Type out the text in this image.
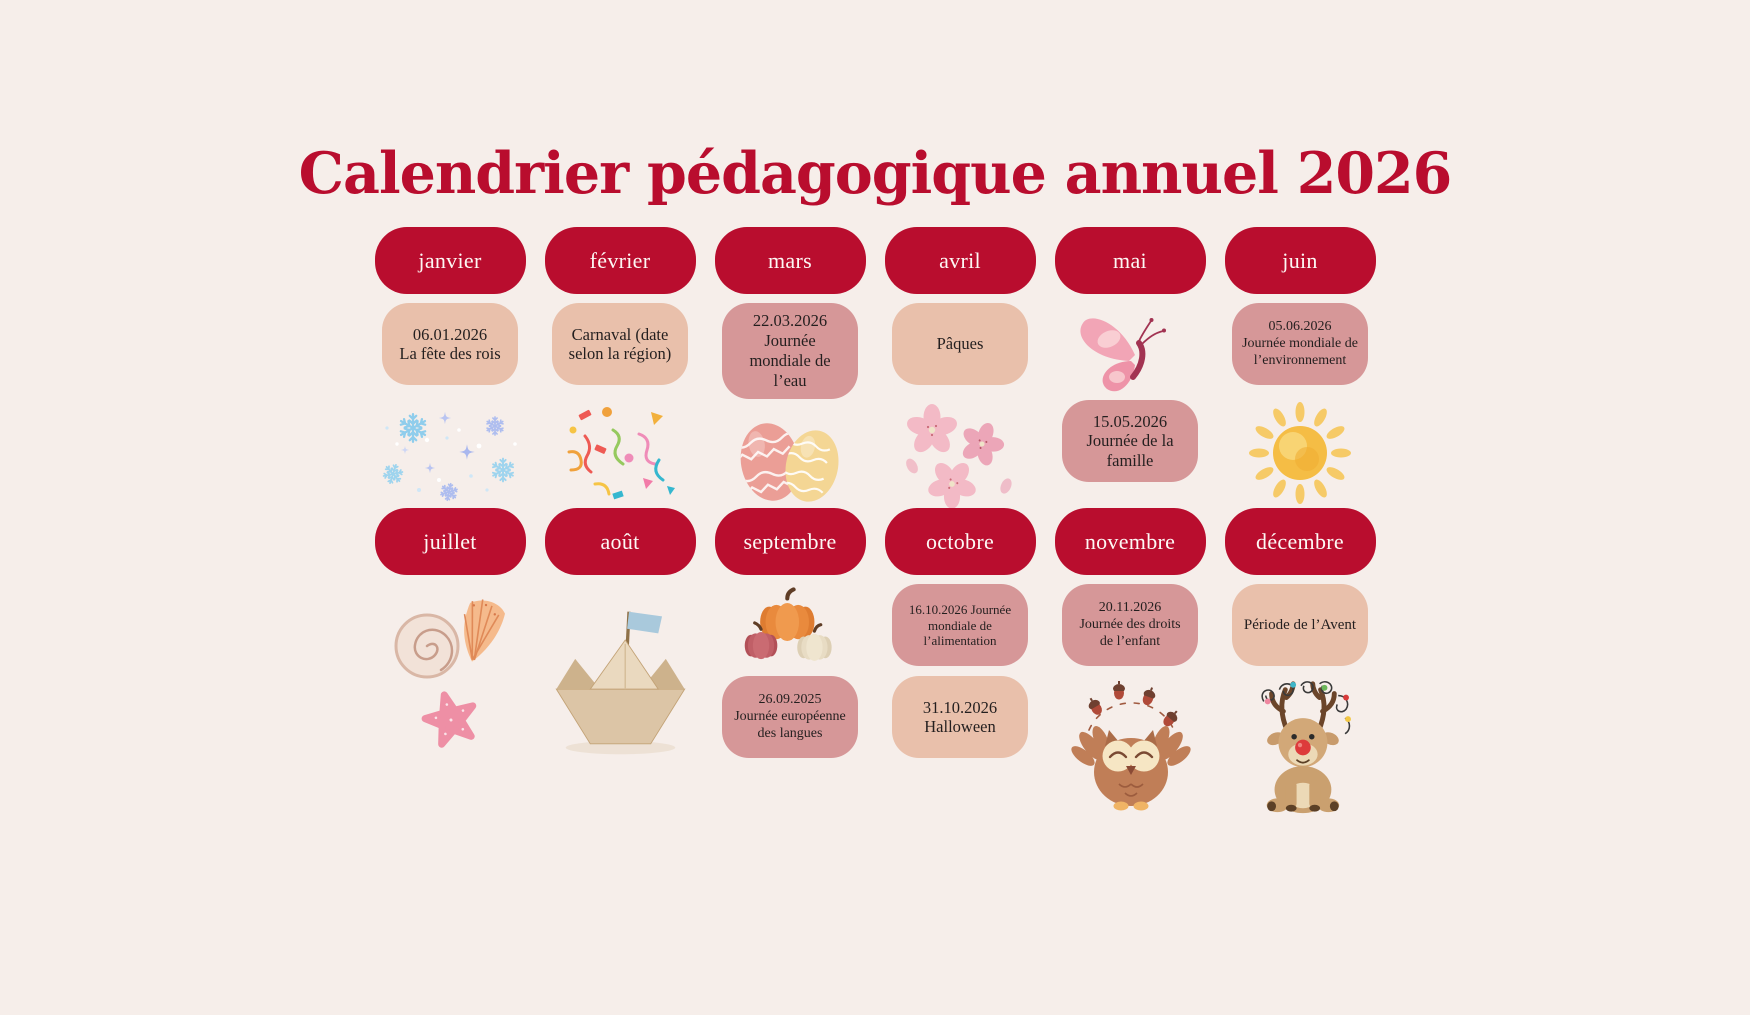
Calendrier pédagogique annuel 2026
janvier
06.01.2026
La fête des rois
février
Carnaval (date selon la région)
mars
22.03.2026
Journée mondiale de l’eau
avril
Pâques
mai
15.05.2026
Journée de la famille
juin
05.06.2026
Journée mondiale de l’environnement
juillet	août	septembre
26.09.2025
Journée européenne des langues
octobre
16.10.2026 Journée mondiale de l’alimentation
31.10.2026
Halloween
novembre
20.11.2026
Journée des droits de l’enfant
décembre
Période de l’Avent
